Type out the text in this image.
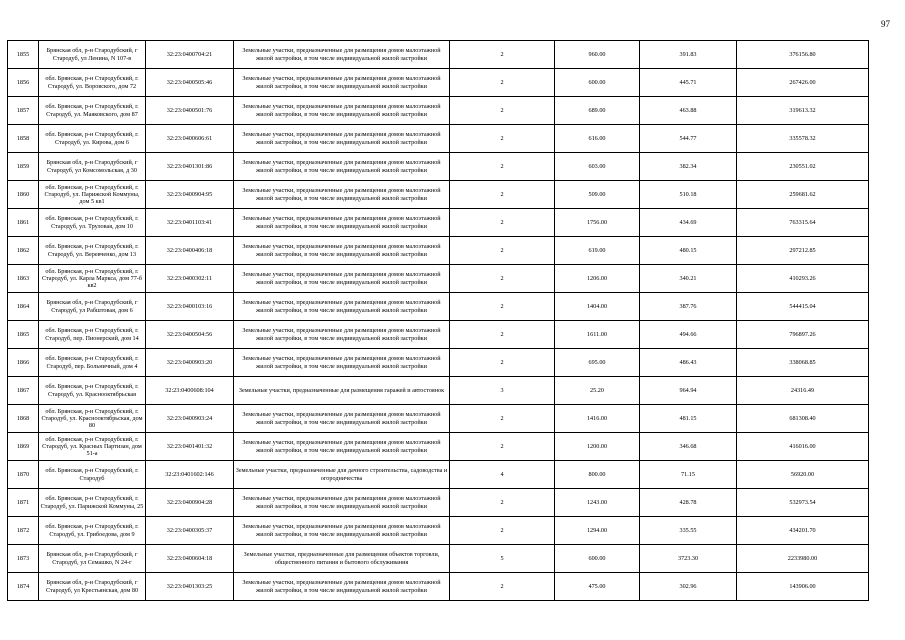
97
1855	Брянская обл, р-н Стародубский, г Стародуб, ул Ленина, N 107-в	32:23:0400704:21	Земельные участки, предназначенные для размещения домов малоэтажной жилой застройки, в том числе индивидуальной жилой застройки	2	960.00	391.83	376156.80
1856	обл. Брянская, р-н Стародубский, г. Стародуб, ул. Воровского, дом 72	32:23:0400505:46	Земельные участки, предназначенные для размещения домов малоэтажной жилой застройки, в том числе индивидуальной жилой застройки	2	600.00	445.71	267426.00
1857	обл. Брянская, р-н Стародубский, г. Стародуб, ул. Маяковского, дом 87	32:23:0400501:76	Земельные участки, предназначенные для размещения домов малоэтажной жилой застройки, в том числе индивидуальной жилой застройки	2	689.00	463.88	319613.32
1858	обл. Брянская, р-н Стародубский, г. Стародуб, ул. Кирова, дом 6	32:23:0400606:61	Земельные участки, предназначенные для размещения домов малоэтажной жилой застройки, в том числе индивидуальной жилой застройки	2	616.00	544.77	335578.32
1859	Брянская обл, р-н Стародубский, г Стародуб, ул Комсомольская, д 30	32:23:0401301:86	Земельные участки, предназначенные для размещения домов малоэтажной жилой застройки, в том числе индивидуальной жилой застройки	2	603.00	382.34	230551.02
1860	обл. Брянская, р-н Стародубский, г. Стародуб, ул. Парижской Коммуны, дом 5 кв1	32:23:0400904:95	Земельные участки, предназначенные для размещения домов малоэтажной жилой застройки, в том числе индивидуальной жилой застройки	2	509.00	510.18	259681.62
1861	обл. Брянская, р-н Стародубский, г. Стародуб, ул. Труловая, дом 10	32:23:0401103:41	Земельные участки, предназначенные для размещения домов малоэтажной жилой застройки, в том числе индивидуальной жилой застройки	2	1756.00	434.69	763315.64
1862	обл. Брянская, р-н Стародубский, г. Стародуб, ул. Веревченко, дом 13	32:23:0400406:18	Земельные участки, предназначенные для размещения домов малоэтажной жилой застройки, в том числе индивидуальной жилой застройки	2	619.00	480.15	297212.85
1863	обл. Брянская, р-н Стародубский, г. Стародуб, ул. Карла Маркса, дом 77-б кв2	32:23:0400302:11	Земельные участки, предназначенные для размещения домов малоэтажной жилой застройки, в том числе индивидуальной жилой застройки	2	1206.00	340.21	410293.26
1864	Брянская обл, р-н Стародубский, г Стародуб, ул Рабштовая, дом 6	32:23:0400103:16	Земельные участки, предназначенные для размещения домов малоэтажной жилой застройки, в том числе индивидуальной жилой застройки	2	1404.00	387.76	544415.04
1865	обл. Брянская, р-н Стародубский, г. Стародуб, пер. Пионерский, дом 14	32:23:0400504:56	Земельные участки, предназначенные для размещения домов малоэтажной жилой застройки, в том числе индивидуальной жилой застройки	2	1611.00	494.66	796897.26
1866	обл. Брянская, р-н Стародубский, г. Стародуб, пер. Больничный, дом 4	32:23:0400903:20	Земельные участки, предназначенные для размещения домов малоэтажной жилой застройки, в том числе индивидуальной жилой застройки	2	695.00	486.43	338068.85
1867	обл. Брянская, р-н Стародубский, г. Стародуб, ул. Красноoктябрьская	32:23:0400608:104	Земельные участки, предназначенные для размещения гаражей и автостоянок	3	25.20	964.94	24316.49
1868	обл. Брянская, р-н Стародубский, г. Стародуб, ул. Краснооктябрьская, дом 80	32:23:0400903:24	Земельные участки, предназначенные для размещения домов малоэтажной жилой застройки, в том числе индивидуальной жилой застройки	2	1416.00	481.15	681308.40
1869	обл. Брянская, р-н Стародубский, г. Стародуб, ул. Красных Партизан, дом 51-а	32:23:0401401:32	Земельные участки, предназначенные для размещения домов малоэтажной жилой застройки, в том числе индивидуальной жилой застройки	2	1200.00	346.68	416016.00
1870	обл. Брянская, р-н Стародубский, г. Стародуб	32:23:0401602:146	Земельные участки, предназначенные для дачного строительства, садоводства и огородничества	4	800.00	71.15	56920.00
1871	обл. Брянская, р-н Стародубский, г. Стародуб, ул. Парижской Коммуны, 25	32:23:0400904:28	Земельные участки, предназначенные для размещения домов малоэтажной жилой застройки, в том числе индивидуальной жилой застройки	2	1243.00	428.78	532973.54
1872	обл. Брянская, р-н Стародубский, г. Стародуб, ул. Грибоедова, дом 9	32:23:0400305:37	Земельные участки, предназначенные для размещения домов малоэтажной жилой застройки, в том числе индивидуальной жилой застройки	2	1294.00	335.55	434201.70
1873	Брянская обл, р-н Стародубский, г Стародуб, ул Семашко, N 24-г	32:23:0400604:18	Земельные участки, предназначенные для размещения объектов торговли, общественного питания и бытового обслуживания	5	600.00	3723.30	2233980.00
1874	Брянская обл, р-н Стародубский, г Стародуб, ул Крестьянская, дом 80	32:23:0401303:25	Земельные участки, предназначенные для размещения домов малоэтажной жилой застройки, в том числе индивидуальной жилой застройки	2	475.00	302.96	143906.00
